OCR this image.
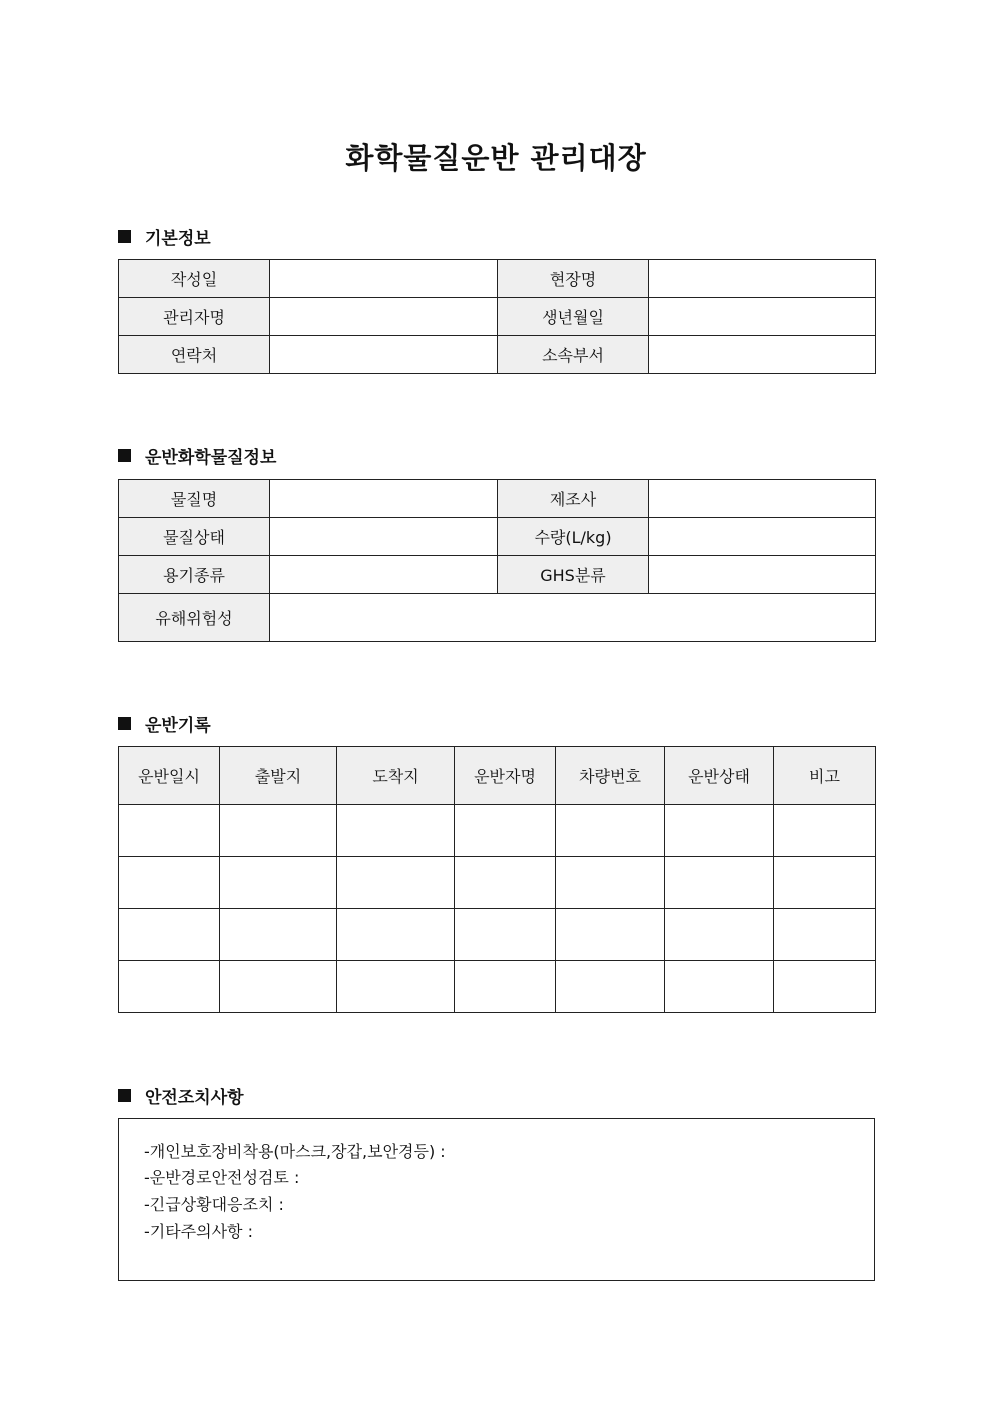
화학물질운반 관리대장
기본정보
작성일		현장명	
관리자명		생년월일	
연락처		소속부서	
운반화학물질정보
물질명		제조사	
물질상태		수량(L/kg)	
용기종류		GHS분류	
유해위험성			
운반기록
운반일시	출발지	도착지	운반자명	차량번호	운반상태	비고

안전조치사항
-개인보호장비착용(마스크,장갑,보안경등) :
-운반경로안전성검토 :
-긴급상황대응조치 :
-기타주의사항 :
